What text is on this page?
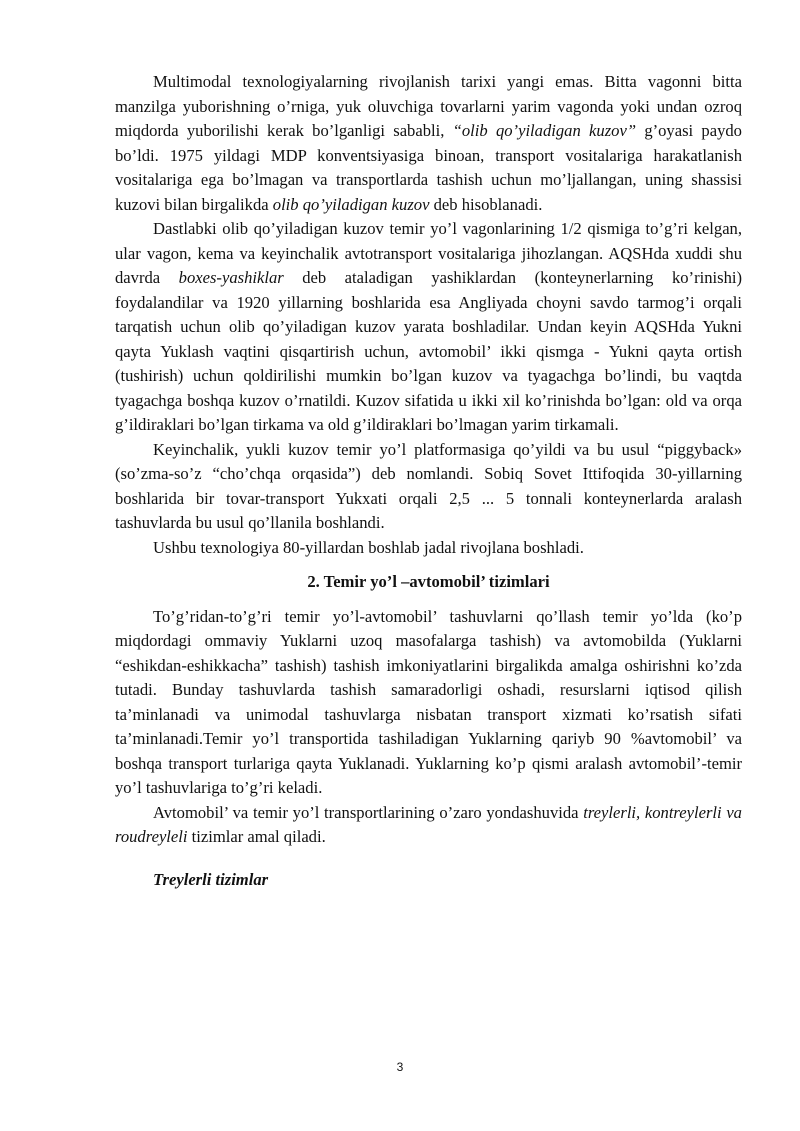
Multimodal texnologiyalarning rivojlanish tarixi yangi emas. Bitta vagonni bitta manzilga yuborishning o’rniga, yuk oluvchiga tovarlarni yarim vagonda yoki undan ozroq miqdorda yuborilishi kerak bo’lganligi sababli, “olib qo’yiladigan kuzov” g’oyasi paydo bo’ldi. 1975 yildagi MDP konventsiyasiga binoan, transport vositalariga harakatlanish vositalariga ega bo’lmagan va transportlarda tashish uchun mo’ljallangan, uning shassisi kuzovi bilan birgalikda olib qo’yiladigan kuzov deb hisoblanadi.

Dastlabki olib qo’yiladigan kuzov temir yo’l vagonlarining 1/2 qismiga to’g’ri kelgan, ular vagon, kema va keyinchalik avtotransport vositalariga jihozlangan. AQSHda xuddi shu davrda boxes-yashiklar deb ataladigan yashiklardan (konteynerlarning ko’rinishi) foydalandilar va 1920 yillarning boshlarida esa Angliyada choyni savdo tarmog’i orqali tarqatish uchun olib qo’yiladigan kuzov yarata boshladilar. Undan keyin AQSHda Yukni qayta Yuklash vaqtini qisqartirish uchun, avtomobil’ ikki qismga - Yukni qayta ortish (tushirish) uchun qoldirilishi mumkin bo’lgan kuzov va tyagachga bo’lindi, bu vaqtda tyagachga boshqa kuzov o’rnatildi. Kuzov sifatida u ikki xil ko’rinishda bo’lgan: old va orqa g’ildiraklari bo’lgan tirkama va old g’ildiraklari bo’lmagan yarim tirkamali.

Keyinchalik, yukli kuzov temir yo’l platformasiga qo’yildi va bu usul “piggyback» (so’zma-so’z “cho’chqa orqasida”) deb nomlandi. Sobiq Sovet Ittifoqida 30-yillarning boshlarida bir tovar-transport Yukxati orqali 2,5 ... 5 tonnali konteynerlarda aralash tashuvlarda bu usul qo’llanila boshlandi.

Ushbu texnologiya 80-yillardan boshlab jadal rivojlana boshladi.

2. Temir yo’l –avtomobil’ tizimlari

To’g’ridan-to’g’ri temir yo’l-avtomobil’ tashuvlarni qo’llash temir yo’lda (ko’p miqdordagi ommaviy Yuklarni uzoq masofalarga tashish) va avtomobilda (Yuklarni “eshikdan-eshikkacha” tashish) tashish imkoniyatlarini birgalikda amalga oshirishni ko’zda tutadi. Bunday tashuvlarda tashish samaradorligi oshadi, resurslarni iqtisod qilish ta’minlanadi va unimodal tashuvlarga nisbatan transport xizmati ko’rsatish sifati ta’minlanadi.Temir yo’l transportida tashiladigan Yuklarning qariyb 90 %avtomobil’ va boshqa transport turlariga qayta Yuklanadi. Yuklarning ko’p qismi aralash avtomobil’-temir yo’l tashuvlariga to’g’ri keladi.

Avtomobil’ va temir yo’l transportlarining o’zaro yondashuvida treylerli, kontreylerli va roudreyleli tizimlar amal qiladi.

Treylerli tizimlar
3
